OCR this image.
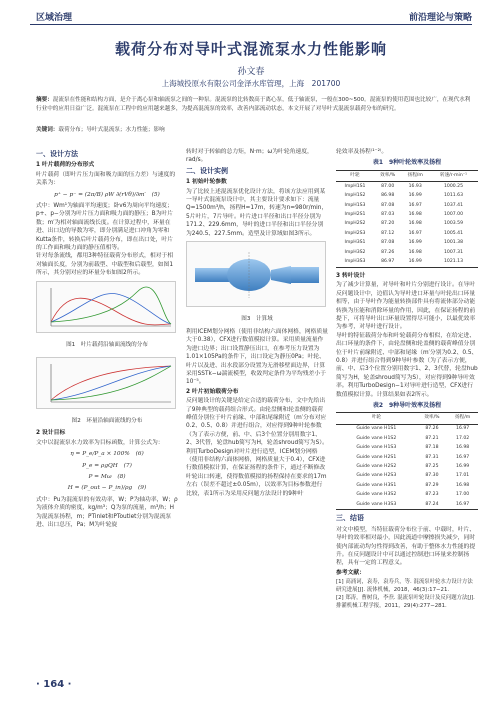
区域治理	前沿理论与策略
载荷分布对导叶式混流泵水力性能影响
孙文春
上海城投原水有限公司金泽水库管理，上海　201700
摘要：混流泵在性能和结构方面，是介于离心泵和轴流泵之间的一种泵。混流泵的比转数高于离心泵，低于轴流泵，一般在300~500。混流泵的使用范围也比较广，在现代水利行业中的应用日益广泛。混流泵在工程中的应用越来越多，为提高混流泵的效率，改善内部流动状态，本文开展了对导叶式混流泵载荷分布的研究。
关键词：载荷分布；导叶式混流泵；水力性能；影响
一、设计方法
1 叶片载荷的分布形式

叶片载荷（即叶片压力面和吸力面的压力差）与速度的关系为：

p⁺ − p⁻ = (2π/B) ρW ∂(rVθ)/∂m′　(5)

式中：Wm¹为轴面平均速度；卧v6为周向平均速度；p+、p−分别为叶片压力面和吸力面的静压；B为叶片数；m′为相对轴面流线长度。在计算过程中，环量在进、出口边的导数为零，即分别满足进口冲角为零和Kutta条件，转换后叶片载荷分布，即在出口处，叶片的工作面和吸力面的静压值相等。

针对每条流线，都用3种特征载荷分布形式，相对于相对轴面长度，分别为前载型、中载型和后载型，如图1所示，其分别对应的环量分布如图2所示。

图1　叶片载荷沿轴面流线的分布
图2　环量沿轴面流线的分布
2 设计目标

文中以混流泵水力效率为目标函数，计算公式为：

η = P_e/P_a × 100%　(6)
P_e = ρgQH　(7)
P = Mω　(8)
H = (P_out − P_in)/ρg　(9)

式中：Pu为混流泵的有效功率，W；P为轴功率，W；ρ为液体介质的密度，kg/m³；Q为泵的流量，m³/h；H为混流泵扬程，m；PTinlet和PToutlet分别为混流泵进、出口总压，Pa；M为叶轮旋

转时对于转轴的总力矩，N·m；ω为叶轮角速度，rad/s。

二、设计实例
1 初始叶轮参数

为了比较上述混流泵优化设计方法，将该方法应用到某一导叶式混流泵设计中，其主要设计要求如下：流量Q=1500m³/h，扬程H=17m，转速为n=980r/min，5片叶片，7片导叶。叶片进口半径和出口半径分别为171.2、229.6mm，导叶的进口半径和出口半径分别为240.5、227.5mm。造型及计算域如图3所示。

图3　计算域

利用ICEM划分网格（使用非结构六面体网格，网格质量大于0.38），CFX进行数值模拟计算。采用质量流量作为进口边界；出口设置静压出口，在参考压力设置为1.01×105Pa的条件下，出口设定为静压0Pa；叶轮、叶片以及进、出水段部分设置为无滑移壁面边界，计算采用SSTk−ω湍流模型，收敛判定条件为平均残差小于10⁻⁵。

2 叶片初始载荷分布

反问题设计的关键是给定合适的载荷分布，文中先给出了9种典型的载荷组合形式。由轮盘侧和轮盖侧的载荷峰值分别位于叶片前缘、中部和尾缘附近（m′分布对应0.2、0.5、0.8）并进行组合，对应得到9种叶轮参数（为了表示方便，前、中、后3个位置分别用数字1、2、3代替，轮盘hub简写为H，轮盖shroud简写为S）。

利用TurboDesign对叶片进行造型，ICEM划分网格（使用非结构六面体网格，网格质量大于0.4），CFX进行数值模拟计算，在保证扬程的条件下，通过不断修改叶轮出口转速，使得数值模拟的扬程保持在要求的17m左右（误差不超过±0.05m），以效率为目标参数进行比较，表1所示为采用反问题方法设计的9种叶

轮效率及扬程⁽¹⁻²⁾。

表1　9种叶轮效率及扬程
叶轮	效率/%	扬程/m	转速/r·min⁻¹
ImpH1S1	87.00	16.93	1000.25
ImpH1S2	86.98	16.99	1011.63
ImpH1S3	87.08	16.97	1037.41
ImpH2S1	87.03	16.98	1007.00
ImpH2S2	87.20	16.98	1003.59
ImpH2S3	87.12	16.97	1005.41
ImpH3S1	87.08	16.99	1001.38
ImpH3S2	87.26	16.98	1007.31
ImpH3S3	86.97	16.99	1021.13
3 转叶设计

为了减少计算量，对导叶和叶片分别进行设计。在导叶反问题设计中，边值认为导叶进口环量与叶轮出口环量相等，由于导叶作为能量转换部件具有将流体部分动能转换为压能和消除环量的作用，因此，在保证扬程的前提下，可将导叶出口环量设置得尽可能小，以最优效率为参考，对导叶进行设计。

导叶的特征载荷分布和叶轮载荷分布相似，在给定进、出口环量的条件下，由轮盘侧和轮盖侧的载荷峰值分别位于叶片前缘附近、中部和尾缘（m′分别为0.2、0.5、0.8）并进行组合得到9种导叶参数（为了表示方便，前、中、后3个位置分别用数字1、2、3代替，轮盘hub简写为H，轮盖shroud简写为S），对应得到9种导叶效率。利用TurboDesign−1对导叶进行造型，CFX进行数值模拟计算。计算结果如表2所示。

表2　9种导叶效率及扬程
叶轮	效率/%	扬程/m
Guide vane H1S1	87.26	16.97
Guide vane H1S2	87.21	17.02
Guide vane H1S3	87.18	16.98
Guide vane H2S1	87.31	16.97
Guide vane H2S2	87.25	16.99
Guide vane H2S3	87.30	17.01
Guide vane H3S1	87.29	16.98
Guide vane H3S2	87.23	17.00
Guide vane H3S3	87.24	16.97
三、结语

对文中模型，当特征载荷分布位于前、中载时，叶片、导叶的效率相对最小，因此流道中摩擦损失减少，同时使内部流动均匀性得到改善，有助于整体水力性能的提升。在反问题设计中可以通过控制进口环量来控制扬程，具有一定的工程意义。

参考文献：

[1] 高涌词，袁寿，袁寿兵，等. 混流泵叶轮水力设计方法研究进展[J]. 流体机械，2018，46(3):17−21.

[2] 郑涛，曹树良，李焘. 混流泵叶轮设计及反问题方法[J]. 排灌机械工程学报，2011，29(4):277−281.

· 164 ·
